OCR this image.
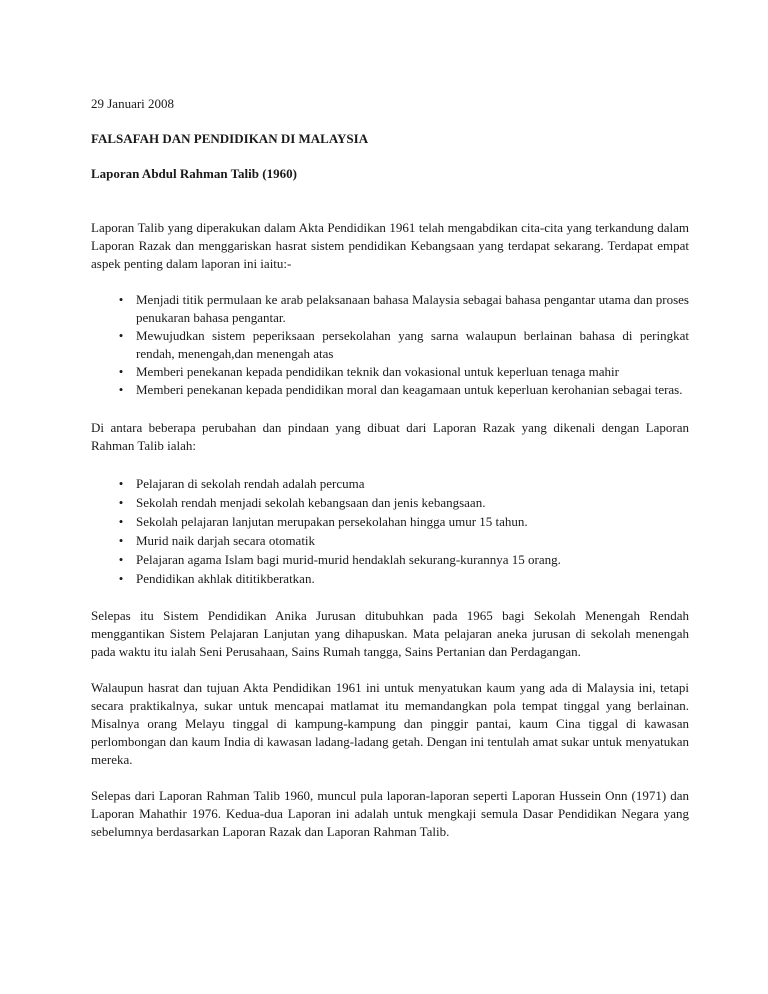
29 Januari 2008
FALSAFAH DAN PENDIDIKAN DI MALAYSIA
Laporan Abdul Rahman Talib (1960)

Laporan Talib yang diperakukan dalam Akta Pendidikan 1961 telah mengabdikan cita-cita yang terkandung dalam Laporan Razak dan menggariskan hasrat sistem pendidikan Kebangsaan yang terdapat sekarang. Terdapat empat aspek penting dalam laporan ini iaitu:-

• Menjadi titik permulaan ke arab pelaksanaan bahasa Malaysia sebagai bahasa pengantar utama dan proses penukaran bahasa pengantar.
• Mewujudkan sistem peperiksaan persekolahan yang sarna walaupun berlainan bahasa di peringkat rendah, menengah,dan menengah atas
• Memberi penekanan kepada pendidikan teknik dan vokasional untuk keperluan tenaga mahir
• Memberi penekanan kepada pendidikan moral dan keagamaan untuk keperluan kerohanian sebagai teras.

Di antara beberapa perubahan dan pindaan yang dibuat dari Laporan Razak yang dikenali dengan Laporan Rahman Talib ialah:

• Pelajaran di sekolah rendah adalah percuma
• Sekolah rendah menjadi sekolah kebangsaan dan jenis kebangsaan.
• Sekolah pelajaran lanjutan merupakan persekolahan hingga umur 15 tahun.
• Murid naik darjah secara otomatik
• Pelajaran agama Islam bagi murid-murid hendaklah sekurang-kurannya 15 orang.
• Pendidikan akhlak dititikberatkan.

Selepas itu Sistem Pendidikan Anika Jurusan ditubuhkan pada 1965 bagi Sekolah Menengah Rendah menggantikan Sistem Pelajaran Lanjutan yang dihapuskan. Mata pelajaran aneka jurusan di sekolah menengah pada waktu itu ialah Seni Perusahaan, Sains Rumah tangga, Sains Pertanian dan Perdagangan.

Walaupun hasrat dan tujuan Akta Pendidikan 1961 ini untuk menyatukan kaum yang ada di Malaysia ini, tetapi secara praktikalnya, sukar untuk mencapai matlamat itu memandangkan pola tempat tinggal yang berlainan. Misalnya orang Melayu tinggal di kampung-kampung dan pinggir pantai, kaum Cina tiggal di kawasan perlombongan dan kaum India di kawasan ladang-ladang getah. Dengan ini tentulah amat sukar untuk menyatukan mereka.

Selepas dari Laporan Rahman Talib 1960, muncul pula laporan-laporan seperti Laporan Hussein Onn (1971) dan Laporan Mahathir 1976. Kedua-dua Laporan ini adalah untuk mengkaji semula Dasar Pendidikan Negara yang sebelumnya berdasarkan Laporan Razak dan Laporan Rahman Talib.
